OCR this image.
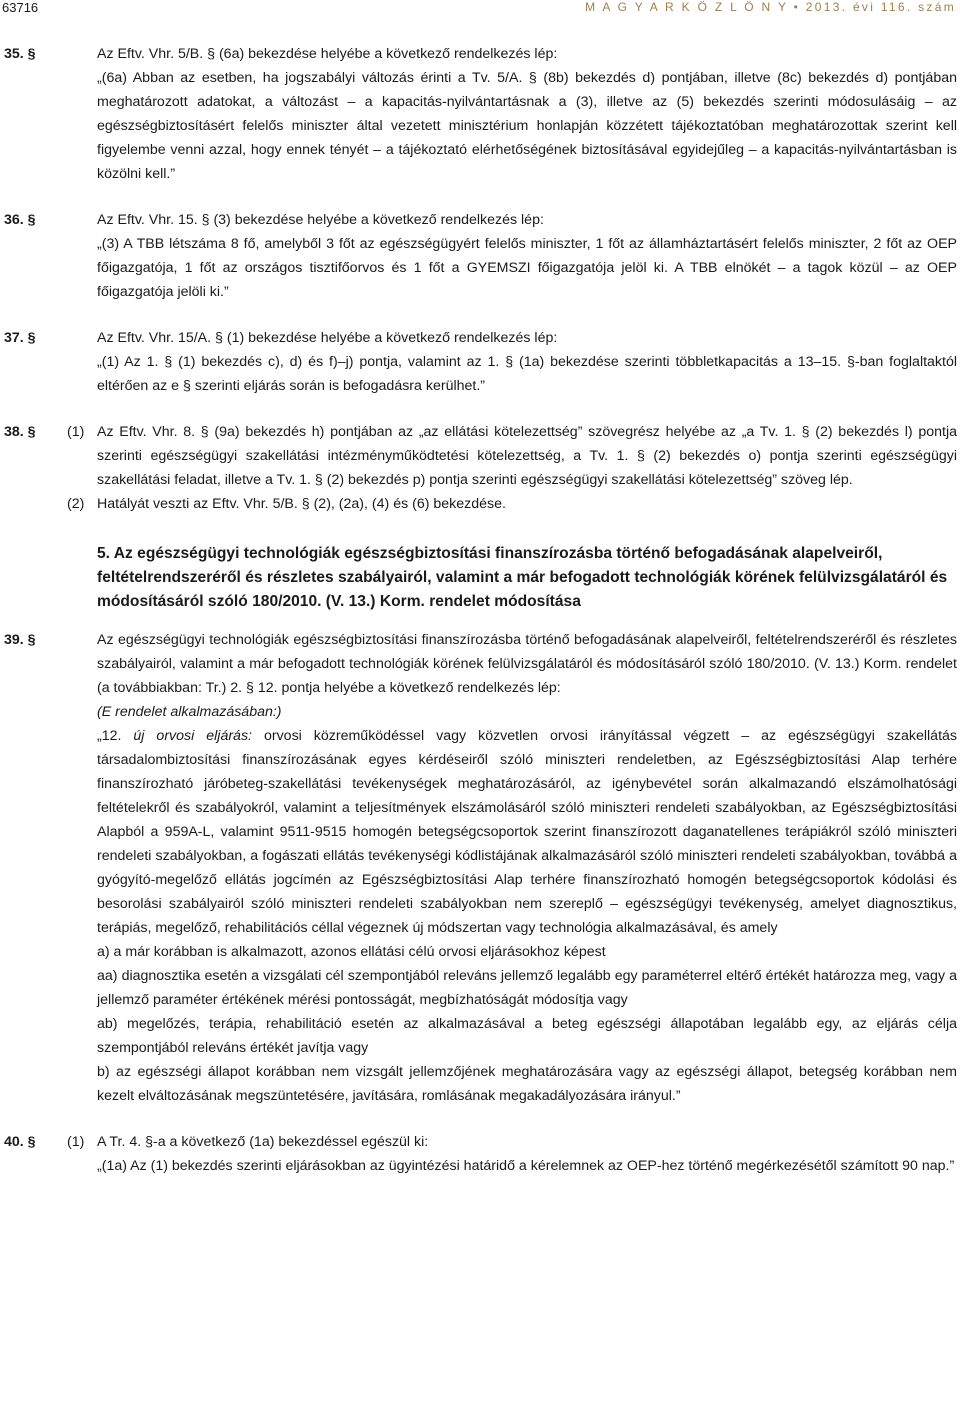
63716	M A G Y A R K Ö Z L Ö N Y • 2013. évi 116. szám
35. §	Az Eftv. Vhr. 5/B. § (6a) bekezdése helyébe a következő rendelkezés lép:

„(6a) Abban az esetben, ha jogszabályi változás érinti a Tv. 5/A. § (8b) bekezdés d) pontjában, illetve (8c) bekezdés d) pontjában meghatározott adatokat, a változást – a kapacitás-nyilvántartásnak a (3), illetve az (5) bekezdés szerinti módosulásáig – az egészségbiztosításért felelős miniszter által vezetett minisztérium honlapján közzétett tájékoztatóban meghatározottak szerint kell figyelembe venni azzal, hogy ennek tényét – a tájékoztató elérhetőségének biztosításával egyidejűleg – a kapacitás-nyilvántartásban is közölni kell.”

36. §	Az Eftv. Vhr. 15. § (3) bekezdése helyébe a következő rendelkezés lép:

„(3) A TBB létszáma 8 fő, amelyből 3 főt az egészségügyért felelős miniszter, 1 főt az államháztartásért felelős miniszter, 2 főt az OEP főigazgatója, 1 főt az országos tisztifőorvos és 1 főt a GYEMSZI főigazgatója jelöl ki. A TBB elnökét – a tagok közül – az OEP főigazgatója jelöli ki.”

37. §	Az Eftv. Vhr. 15/A. § (1) bekezdése helyébe a következő rendelkezés lép:

„(1) Az 1. § (1) bekezdés c), d) és f)–j) pontja, valamint az 1. § (1a) bekezdése szerinti többletkapacitás a 13–15. §-ban foglaltaktól eltérően az e § szerinti eljárás során is befogadásra kerülhet.”

38. § (1) Az Eftv. Vhr. 8. § (9a) bekezdés h) pontjában az „az ellátási kötelezettség” szövegrész helyébe az „a Tv. 1. § (2) bekezdés l) pontja szerinti egészségügyi szakellátási intézményműködtetési kötelezettség, a Tv. 1. § (2) bekezdés o) pontja szerinti egészségügyi szakellátási feladat, illetve a Tv. 1. § (2) bekezdés p) pontja szerinti egészségügyi szakellátási kötelezettség” szöveg lép.

(2) Hatályát veszti az Eftv. Vhr. 5/B. § (2), (2a), (4) és (6) bekezdése.

5. Az egészségügyi technológiák egészségbiztosítási finanszírozásba történő befogadásának alapelveiről, feltételrendszeréről és részletes szabályairól, valamint a már befogadott technológiák körének felülvizsgálatáról és módosításáról szóló 180/2010. (V. 13.) Korm. rendelet módosítása
39. §	Az egészségügyi technológiák egészségbiztosítási finanszírozásba történő befogadásának alapelveiről, feltételrendszeréről és részletes szabályairól, valamint a már befogadott technológiák körének felülvizsgálatáról és módosításáról szóló 180/2010. (V. 13.) Korm. rendelet (a továbbiakban: Tr.) 2. § 12. pontja helyébe a következő rendelkezés lép:

(E rendelet alkalmazásában:)

„12. új orvosi eljárás: orvosi közreműködéssel vagy közvetlen orvosi irányítással végzett – az egészségügyi szakellátás társadalombiztosítási finanszírozásának egyes kérdéseiről szóló miniszteri rendeletben, az Egészségbiztosítási Alap terhére finanszírozható járóbeteg-szakellátási tevékenységek meghatározásáról, az igénybevétel során alkalmazandó elszámolhatósági feltételekről és szabályokról, valamint a teljesítmények elszámolásáról szóló miniszteri rendeleti szabályokban, az Egészségbiztosítási Alapból a 959A-L, valamint 9511-9515 homogén betegségcsoportok szerint finanszírozott daganatellenes terápiákról szóló miniszteri rendeleti szabályokban, a fogászati ellátás tevékenységi kódlistájának alkalmazásáról szóló miniszteri rendeleti szabályokban, továbbá a gyógyító-megelőző ellátás jogcímén az Egészségbiztosítási Alap terhére finanszírozható homogén betegségcsoportok kódolási és besorolási szabályairól szóló miniszteri rendeleti szabályokban nem szereplő – egészségügyi tevékenység, amelyet diagnosztikus, terápiás, megelőző, rehabilitációs céllal végeznek új módszertan vagy technológia alkalmazásával, és amely

a) a már korábban is alkalmazott, azonos ellátási célú orvosi eljárásokhoz képest

aa) diagnosztika esetén a vizsgálati cél szempontjából releváns jellemző legalább egy paraméterrel eltérő értékét határozza meg, vagy a jellemző paraméter értékének mérési pontosságát, megbízhatóságát módosítja vagy

ab) megelőzés, terápia, rehabilitáció esetén az alkalmazásával a beteg egészségi állapotában legalább egy, az eljárás célja szempontjából releváns értékét javítja vagy

b) az egészségi állapot korábban nem vizsgált jellemzőjének meghatározására vagy az egészségi állapot, betegség korábban nem kezelt elváltozásának megszüntetésére, javítására, romlásának megakadályozására irányul.”

40. § (1) A Tr. 4. §-a a következő (1a) bekezdéssel egészül ki:

„(1a) Az (1) bekezdés szerinti eljárásokban az ügyintézési határidő a kérelemnek az OEP-hez történő megérkezésétől számított 90 nap.”
